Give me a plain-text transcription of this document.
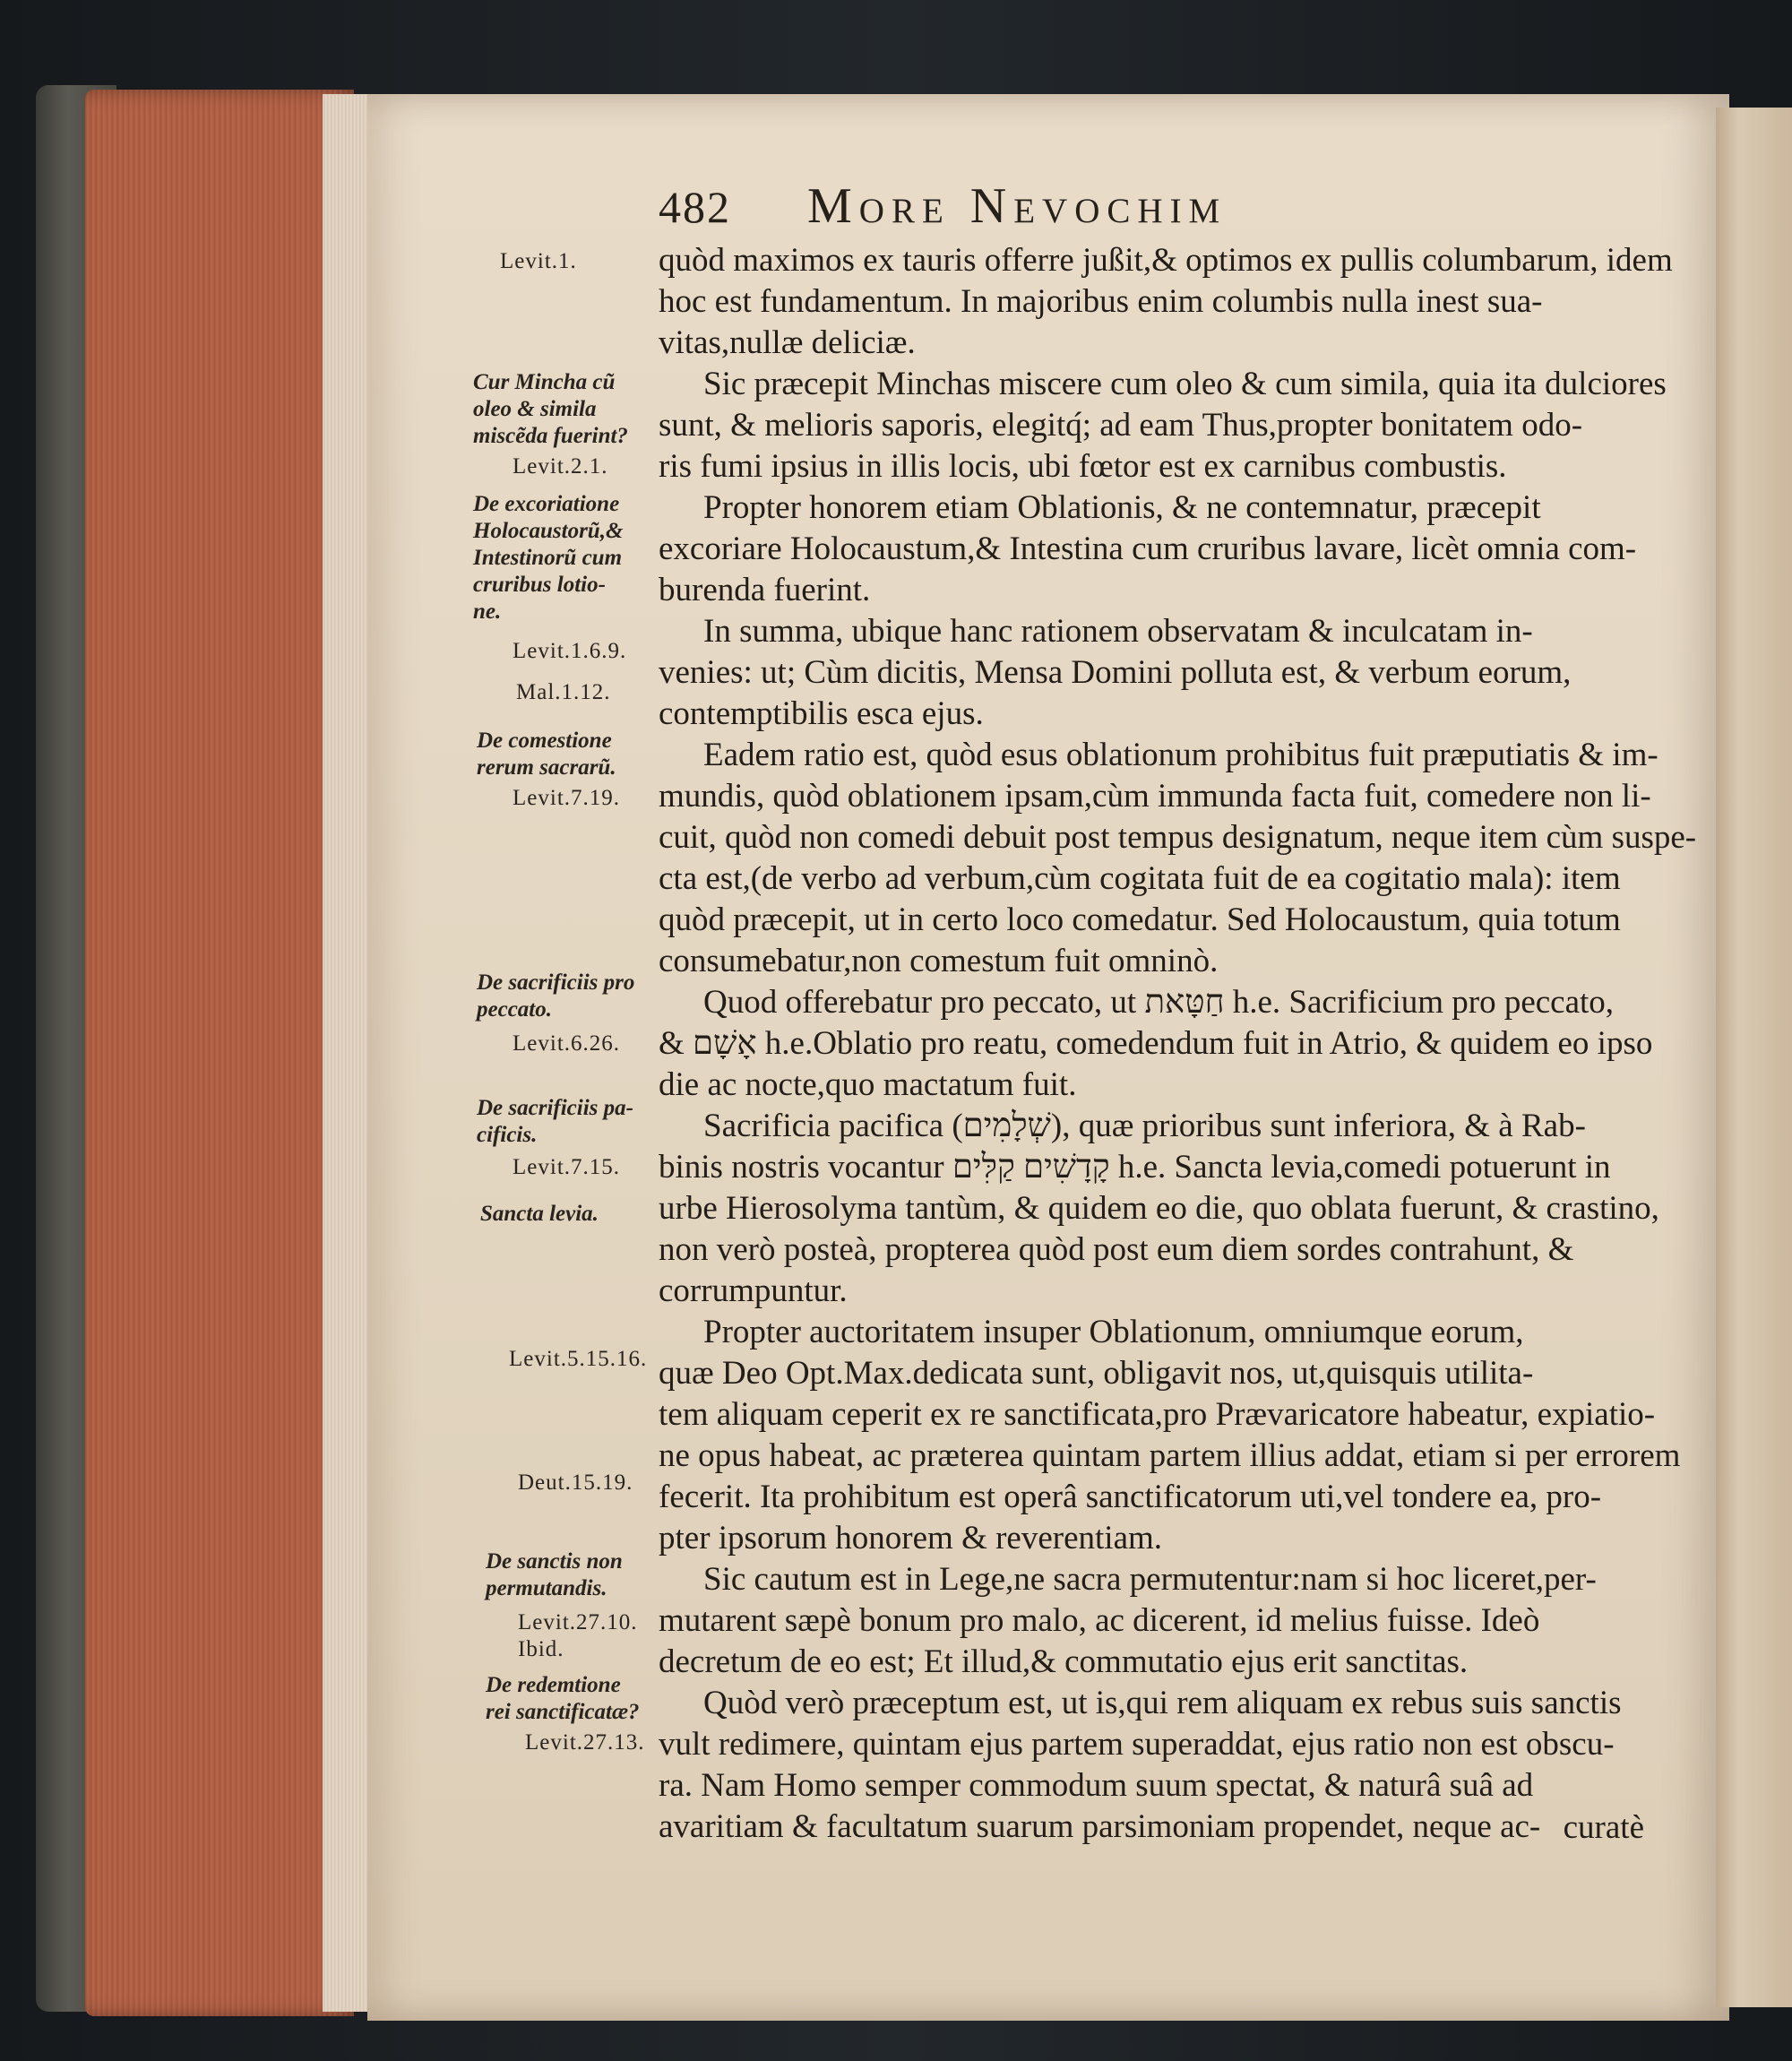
482 More Nevochim
quòd maximos ex tauris offerre jußit,& optimos ex pullis columbarum, idem
hoc est fundamentum. In majoribus enim columbis nulla inest sua-
vitas,nullæ deliciæ.
Sic præcepit Minchas miscere cum oleo & cum simila, quia ita dulciores
sunt, & melioris saporis, elegitq́; ad eam Thus,propter bonitatem odo-
ris fumi ipsius in illis locis, ubi fœtor est ex carnibus combustis.
Propter honorem etiam Oblationis, & ne contemnatur, præcepit
excoriare Holocaustum,& Intestina cum cruribus lavare, licèt omnia com-
burenda fuerint.
In summa, ubique hanc rationem observatam & inculcatam in-
venies: ut; Cùm dicitis, Mensa Domini polluta est, & verbum eorum,
contemptibilis esca ejus.
Eadem ratio est, quòd esus oblationum prohibitus fuit præputiatis & im-
mundis, quòd oblationem ipsam,cùm immunda facta fuit, comedere non li-
cuit, quòd non comedi debuit post tempus designatum, neque item cùm suspe-
cta est,(de verbo ad verbum,cùm cogitata fuit de ea cogitatio mala): item
quòd præcepit, ut in certo loco comedatur. Sed Holocaustum, quia totum
consumebatur,non comestum fuit omninò.
Quod offerebatur pro peccato, ut חַטָּאת h.e. Sacrificium pro peccato,
& אָשָׁם h.e.Oblatio pro reatu, comedendum fuit in Atrio, & quidem eo ipso
die ac nocte,quo mactatum fuit.
Sacrificia pacifica (שְׁלָמִים), quæ prioribus sunt inferiora, & à Rab-
binis nostris vocantur קָדָשִׁים קַלִּים h.e. Sancta levia,comedi potuerunt in
urbe Hierosolyma tantùm, & quidem eo die, quo oblata fuerunt, & crastino,
non verò posteà, propterea quòd post eum diem sordes contrahunt, &
corrumpuntur.
Propter auctoritatem insuper Oblationum, omniumque eorum,
quæ Deo Opt.Max.dedicata sunt, obligavit nos, ut,quisquis utilita-
tem aliquam ceperit ex re sanctificata,pro Prævaricatore habeatur, expiatio-
ne opus habeat, ac præterea quintam partem illius addat, etiam si per errorem
fecerit. Ita prohibitum est operâ sanctificatorum uti,vel tondere ea, pro-
pter ipsorum honorem & reverentiam.
Sic cautum est in Lege,ne sacra permutentur:nam si hoc liceret,per-
mutarent sæpè bonum pro malo, ac dicerent, id melius fuisse. Ideò
decretum de eo est; Et illud,& commutatio ejus erit sanctitas.
Quòd verò præceptum est, ut is,qui rem aliquam ex rebus suis sanctis
vult redimere, quintam ejus partem superaddat, ejus ratio non est obscu-
ra. Nam Homo semper commodum suum spectat, & naturâ suâ ad
avaritiam & facultatum suarum parsimoniam propendet, neque ac- curatè
Levit.1.
Cur Mincha cũ
oleo & simila
miscẽda fuerint?
Levit.2.1.
De excoriatione
Holocaustorũ,&
Intestinorũ cum
cruribus lotio-
ne.
Levit.1.6.9.
Mal.1.12.
De comestione
rerum sacrarũ.
Levit.7.19.
De sacrificiis pro
peccato.
Levit.6.26.
De sacrificiis pa-
cificis.
Levit.7.15.
Sancta levia.
Levit.5.15.16.
Deut.15.19.
De sanctis non
permutandis.
Levit.27.10.
Ibid.
De redemtione
rei sanctificatæ?
Levit.27.13.
